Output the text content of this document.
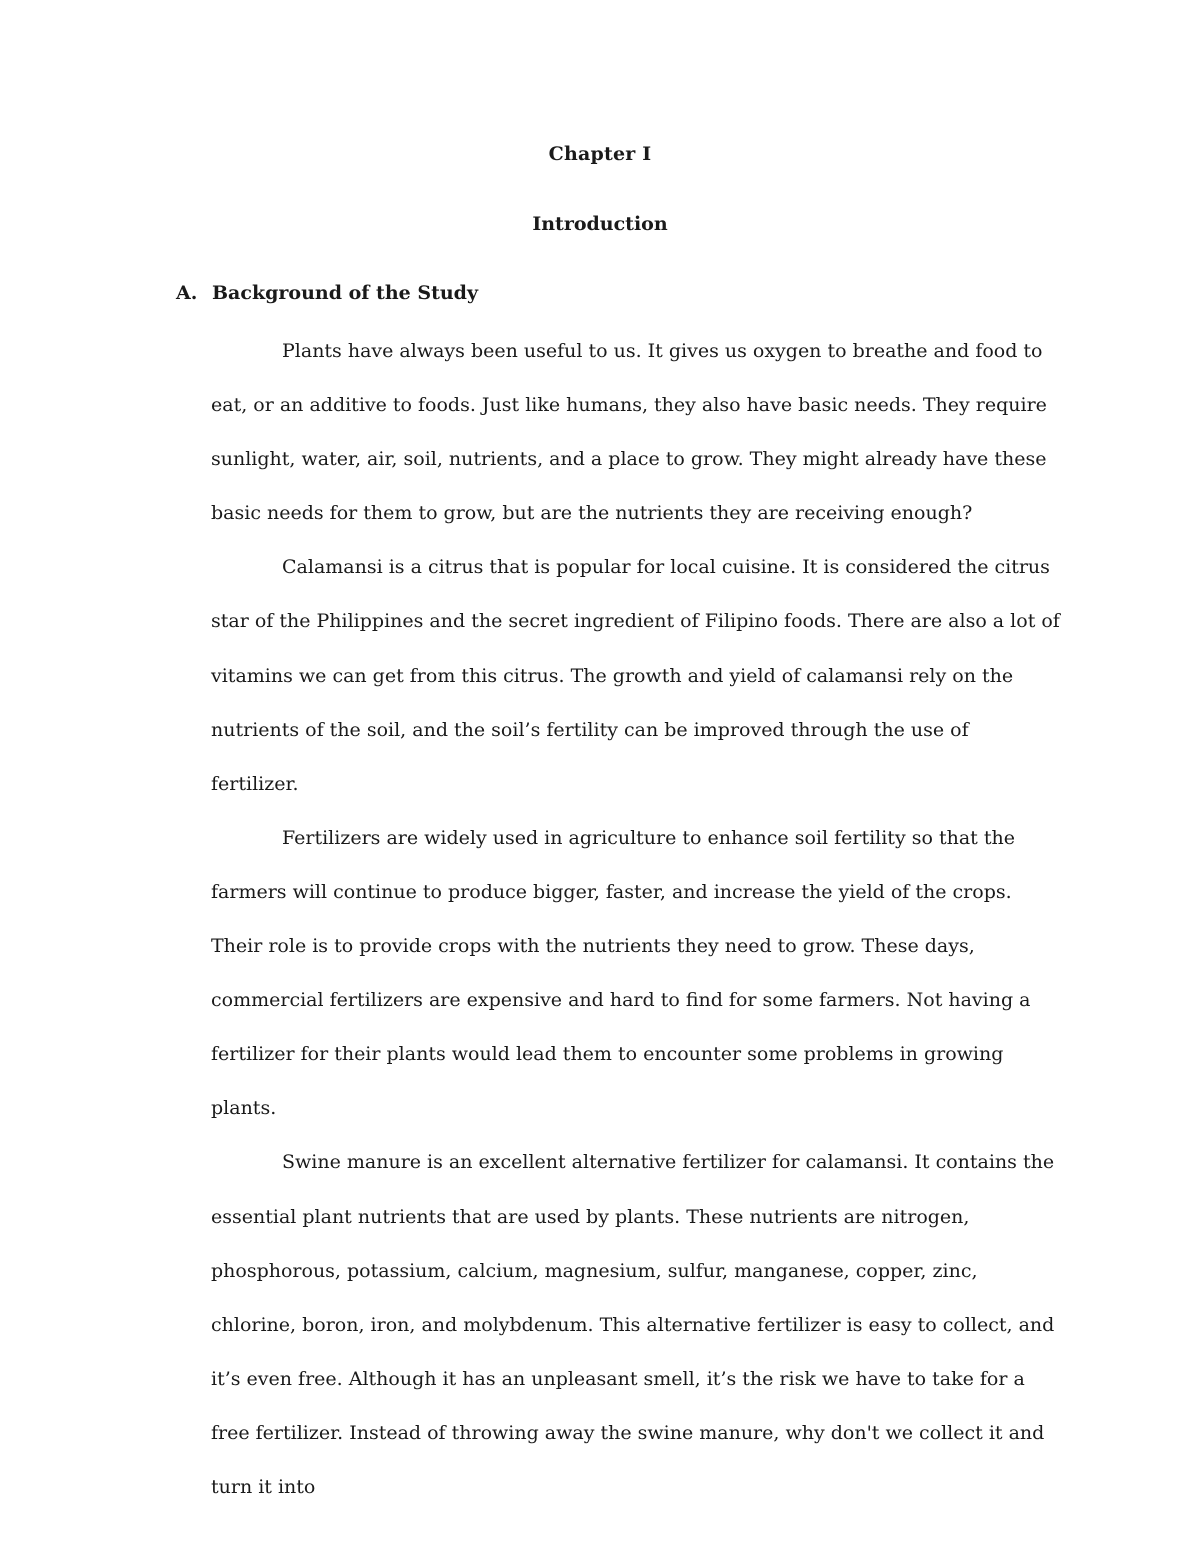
Chapter I
Introduction
A. Background of the Study

Plants have always been useful to us. It gives us oxygen to breathe and food to eat, or an additive to foods. Just like humans, they also have basic needs. They require sunlight, water, air, soil, nutrients, and a place to grow. They might already have these basic needs for them to grow, but are the nutrients they are receiving enough?

Calamansi is a citrus that is popular for local cuisine. It is considered the citrus star of the Philippines and the secret ingredient of Filipino foods. There are also a lot of vitamins we can get from this citrus. The growth and yield of calamansi rely on the nutrients of the soil, and the soil’s fertility can be improved through the use of fertilizer.

Fertilizers are widely used in agriculture to enhance soil fertility so that the farmers will continue to produce bigger, faster, and increase the yield of the crops. Their role is to provide crops with the nutrients they need to grow. These days, commercial fertilizers are expensive and hard to find for some farmers. Not having a fertilizer for their plants would lead them to encounter some problems in growing plants.

Swine manure is an excellent alternative fertilizer for calamansi. It contains the essential plant nutrients that are used by plants. These nutrients are nitrogen, phosphorous, potassium, calcium, magnesium, sulfur, manganese, copper, zinc, chlorine, boron, iron, and molybdenum. This alternative fertilizer is easy to collect, and it’s even free. Although it has an unpleasant smell, it’s the risk we have to take for a free fertilizer. Instead of throwing away the swine manure, why don't we collect it and turn it into
